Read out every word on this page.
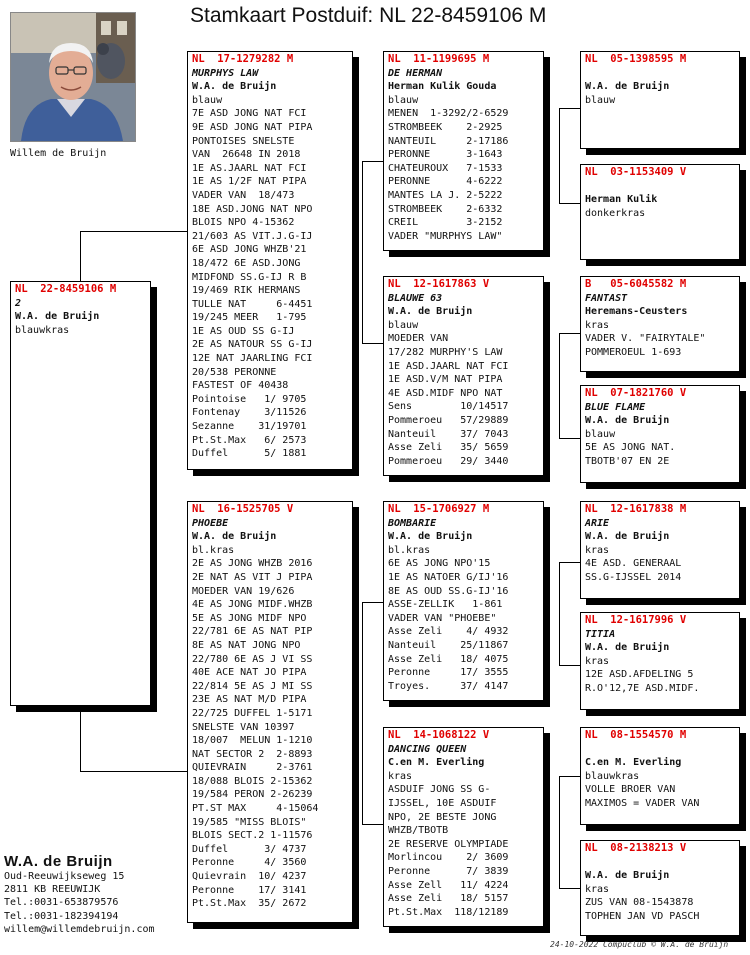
Stamkaart Postduif: NL 22-8459106 M
Willem de Bruijn
NL  22-8459106 M
2
W.A. de Bruijn
blauwkras
NL  17-1279282 M
MURPHYS LAW
W.A. de Bruijn
blauw
7E ASD JONG NAT FCI
9E ASD JONG NAT PIPA
PONTOISES SNELSTE
VAN  26648 IN 2018
1E AS.JAARL NAT FCI
1E AS 1/2F NAT PIPA
VADER VAN  18/473
18E ASD.JONG NAT NPO
BLOIS NPO 4-15362
21/603 AS VIT.J.G-IJ
6E ASD JONG WHZB'21
18/472 6E ASD.JONG
MIDFOND SS.G-IJ R B
19/469 RIK HERMANS
TULLE NAT     6-4451
19/245 MEER   1-795
1E AS OUD SS G-IJ
2E AS NATOUR SS G-IJ
12E NAT JAARLING FCI
20/538 PERONNE
FASTEST OF 40438
Pointoise   1/ 9705
Fontenay    3/11526
Sezanne    31/19701
Pt.St.Max   6/ 2573
Duffel      5/ 1881
NL  16-1525705 V
PHOEBE
W.A. de Bruijn
bl.kras
2E AS JONG WHZB 2016
2E NAT AS VIT J PIPA
MOEDER VAN 19/626
4E AS JONG MIDF.WHZB
5E AS JONG MIDF NPO
22/781 6E AS NAT PIP
8E AS NAT JONG NPO
22/780 6E AS J VI SS
40E ACE NAT JO PIPA
22/814 5E AS J MI SS
23E AS NAT M/D PIPA
22/725 DUFFEL 1-5171
SNELSTE VAN 10397
18/007  MELUN 1-1210
NAT SECTOR 2  2-8893
QUIEVRAIN     2-3761
18/088 BLOIS 2-15362
19/584 PERON 2-26239
PT.ST MAX     4-15064
19/585 "MISS BLOIS"
BLOIS SECT.2 1-11576
Duffel      3/ 4737
Peronne     4/ 3560
Quievrain  10/ 4237
Peronne    17/ 3141
Pt.St.Max  35/ 2672
NL  11-1199695 M
DE HERMAN
Herman Kulik Gouda
blauw
MENEN  1-3292/2-6529
STROMBEEK    2-2925
NANTEUIL     2-17186
PERONNE      3-1643
CHATEUROUX   7-1533
PERONNE      4-6222
MANTES LA J. 2-5222
STROMBEEK    2-6332
CREIL        3-2152
VADER "MURPHYS LAW"
NL  12-1617863 V
BLAUWE 63
W.A. de Bruijn
blauw
MOEDER VAN
17/282 MURPHY'S LAW
1E ASD.JAARL NAT FCI
1E ASD.V/M NAT PIPA
4E ASD.MIDF NPO NAT
Sens        10/14517
Pommeroeu   57/29889
Nanteuil    37/ 7043
Asse Zeli   35/ 5659
Pommeroeu   29/ 3440
NL  15-1706927 M
BOMBARIE
W.A. de Bruijn
bl.kras
6E AS JONG NPO'15
1E AS NATOER G/IJ'16
8E AS OUD SS.G-IJ'16
ASSE-ZELLIK   1-861
VADER VAN "PHOEBE"
Asse Zeli    4/ 4932
Nanteuil    25/11867
Asse Zeli   18/ 4075
Peronne     17/ 3555
Troyes.     37/ 4147
NL  14-1068122 V
DANCING QUEEN
C.en M. Everling
kras
ASDUIF JONG SS G-
IJSSEL, 10E ASDUIF
NPO, 2E BESTE JONG
WHZB/TBOTB
2E RESERVE OLYMPIADE
Morlincou    2/ 3609
Peronne      7/ 3839
Asse Zell   11/ 4224
Asse Zeli   18/ 5157
Pt.St.Max  118/12189
NL  05-1398595 M
W.A. de Bruijn
blauw
NL  03-1153409 V
Herman Kulik
donkerkras
B   05-6045582 M
FANTAST
Heremans-Ceusters
kras
VADER V. "FAIRYTALE"
POMMEROEUL 1-693
NL  07-1821760 V
BLUE FLAME
W.A. de Bruijn
blauw
5E AS JONG NAT.
TBOTB'07 EN 2E
NL  12-1617838 M
ARIE
W.A. de Bruijn
kras
4E ASD. GENERAAL
SS.G-IJSSEL 2014
NL  12-1617996 V
TITIA
W.A. de Bruijn
kras
12E ASD.AFDELING 5
R.O'12,7E ASD.MIDF.
NL  08-1554570 M
C.en M. Everling
blauwkras
VOLLE BROER VAN
MAXIMOS = VADER VAN
NL  08-2138213 V
W.A. de Bruijn
kras
ZUS VAN 08-1543878
TOPHEN JAN VD PASCH
W.A. de Bruijn
Oud-Reeuwijkseweg 15
2811 KB REEUWIJK
Tel.:0031-653879576
Tel.:0031-182394194
willem@willemdebruijn.com
24-10-2022 Compuclub © W.A. de Bruijn
